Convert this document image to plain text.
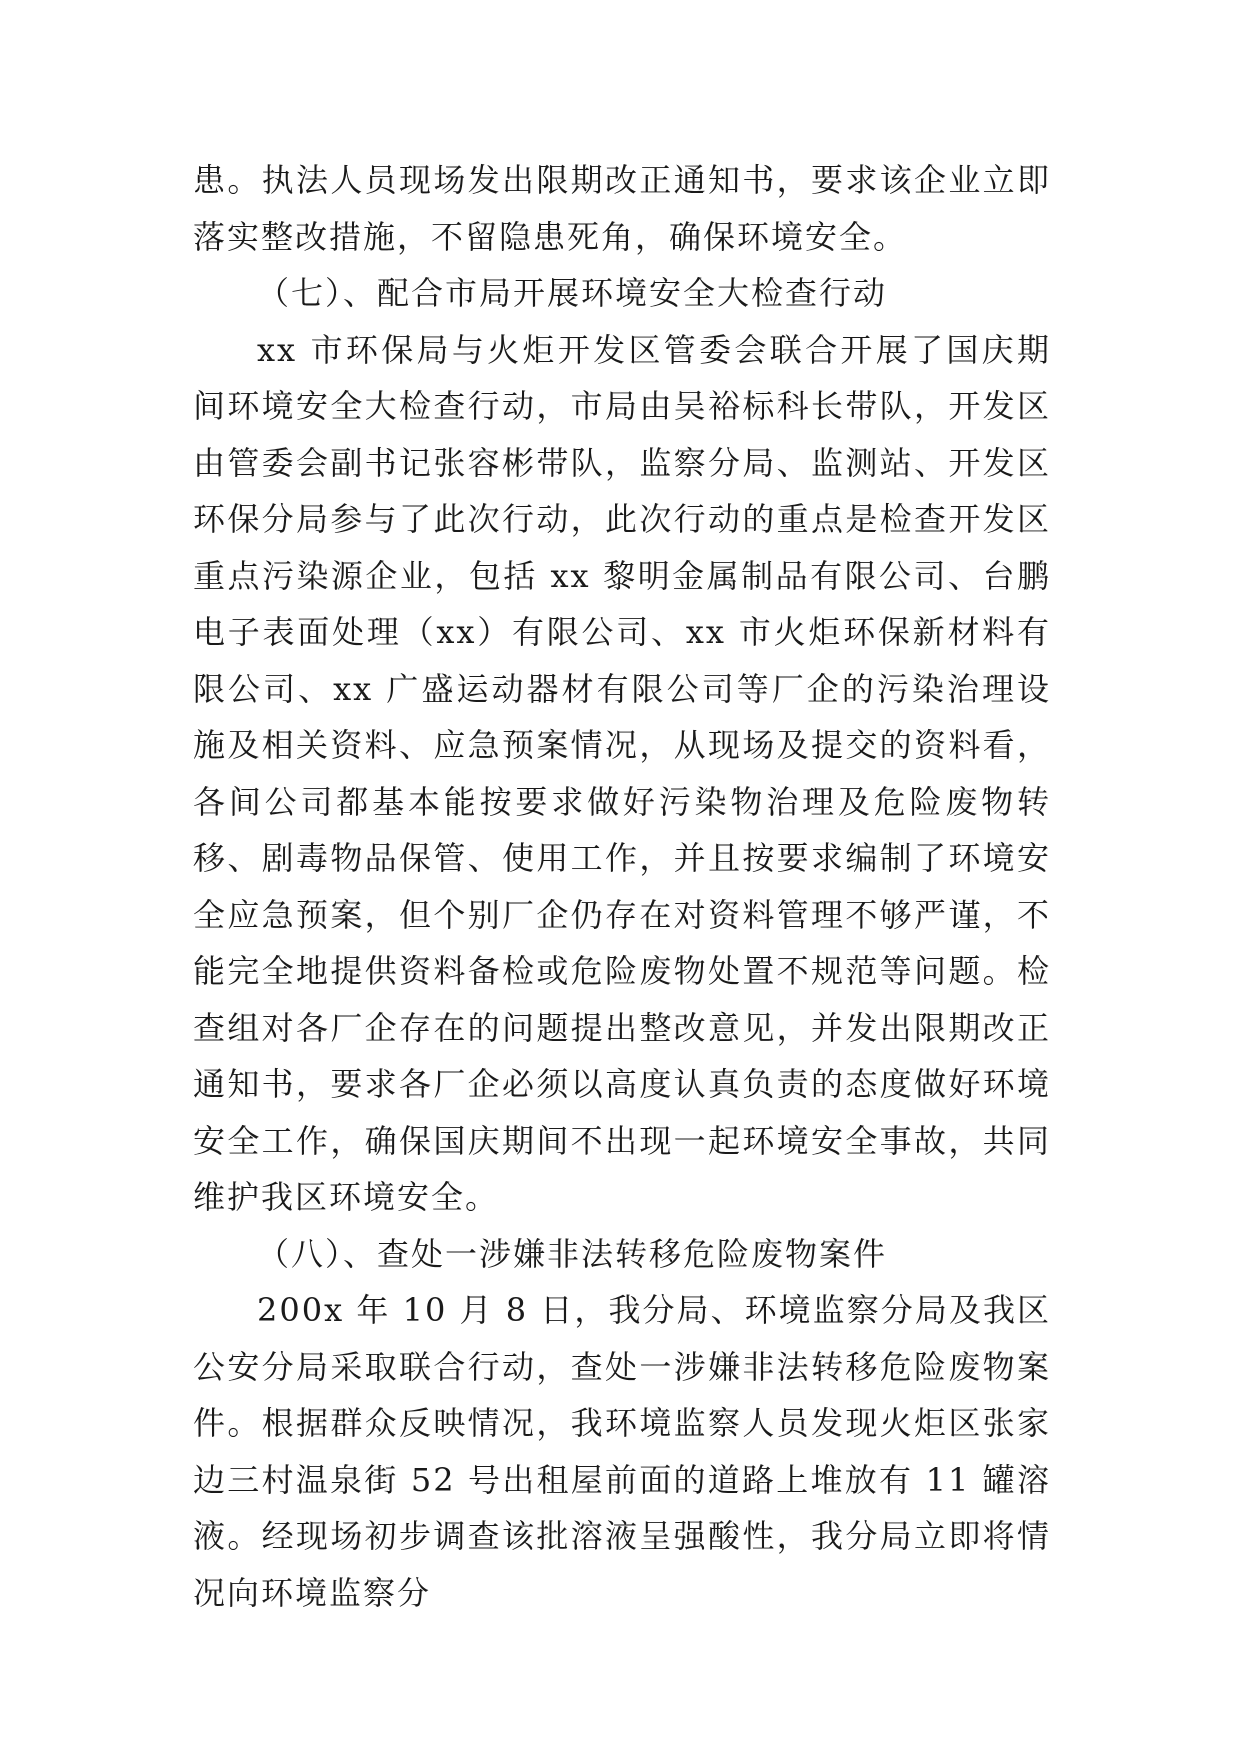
患。执法人员现场发出限期改正通知书，要求该企业立即落实整改措施，不留隐患死角，确保环境安全。

（七）、配合市局开展环境安全大检查行动

xx 市环保局与火炬开发区管委会联合开展了国庆期间环境安全大检查行动，市局由吴裕标科长带队，开发区由管委会副书记张容彬带队，监察分局、监测站、开发区环保分局参与了此次行动，此次行动的重点是检查开发区重点污染源企业，包括 xx 黎明金属制品有限公司、台鹏电子表面处理（xx）有限公司、xx 市火炬环保新材料有限公司、xx 广盛运动器材有限公司等厂企的污染治理设施及相关资料、应急预案情况，从现场及提交的资料看，各间公司都基本能按要求做好污染物治理及危险废物转移、剧毒物品保管、使用工作，并且按要求编制了环境安全应急预案，但个别厂企仍存在对资料管理不够严谨，不能完全地提供资料备检或危险废物处置不规范等问题。检查组对各厂企存在的问题提出整改意见，并发出限期改正通知书，要求各厂企必须以高度认真负责的态度做好环境安全工作，确保国庆期间不出现一起环境安全事故，共同维护我区环境安全。

（八）、查处一涉嫌非法转移危险废物案件

200x 年 10 月 8 日，我分局、环境监察分局及我区公安分局采取联合行动，查处一涉嫌非法转移危险废物案件。根据群众反映情况，我环境监察人员发现火炬区张家边三村温泉街 52 号出租屋前面的道路上堆放有 11 罐溶液。经现场初步调查该批溶液呈强酸性，我分局立即将情况向环境监察分
